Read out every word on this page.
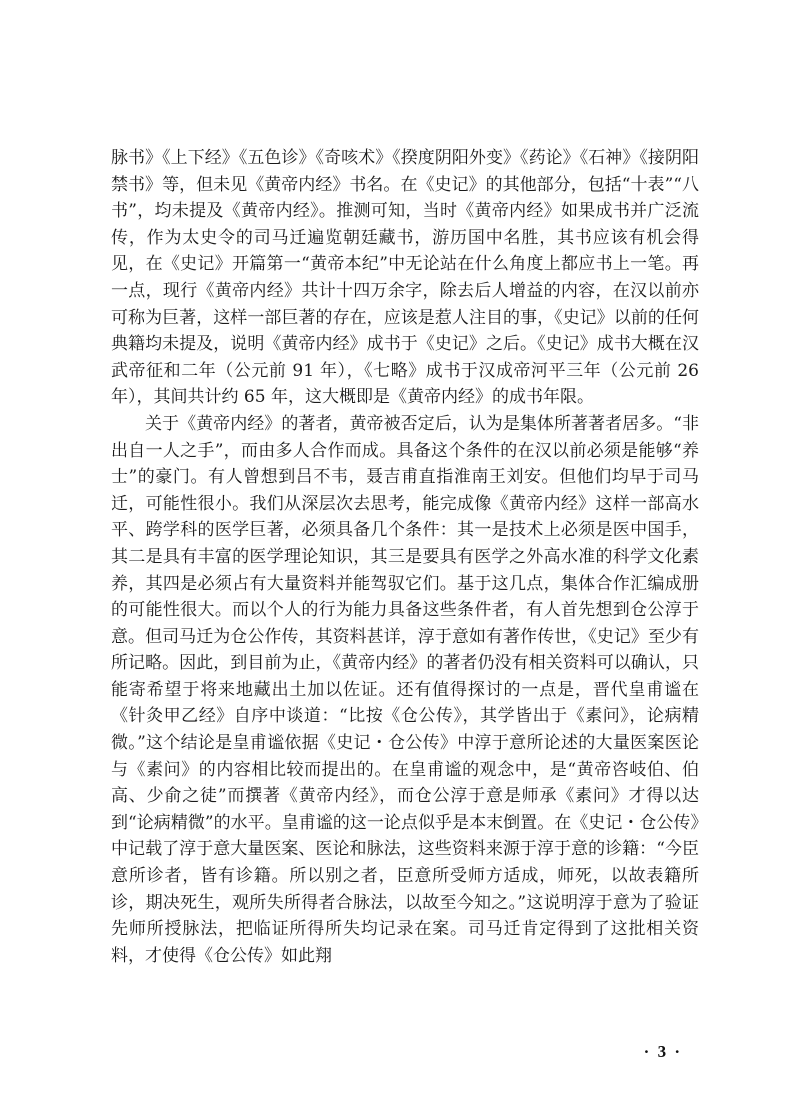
脉书》《上下经》《五色诊》《奇咳术》《揆度阴阳外变》《药论》《石神》《接阴阳禁书》等，但未见《黄帝内经》书名。在《史记》的其他部分，包括“十表”“八书”，均未提及《黄帝内经》。推测可知，当时《黄帝内经》如果成书并广泛流传，作为太史令的司马迁遍览朝廷藏书，游历国中名胜，其书应该有机会得见，在《史记》开篇第一“黄帝本纪”中无论站在什么角度上都应书上一笔。再一点，现行《黄帝内经》共计十四万余字，除去后人增益的内容，在汉以前亦可称为巨著，这样一部巨著的存在，应该是惹人注目的事，《史记》以前的任何典籍均未提及，说明《黄帝内经》成书于《史记》之后。《史记》成书大概在汉武帝征和二年（公元前 91 年），《七略》成书于汉成帝河平三年（公元前 26 年），其间共计约 65 年，这大概即是《黄帝内经》的成书年限。

关于《黄帝内经》的著者，黄帝被否定后，认为是集体所著著者居多。“非出自一人之手”，而由多人合作而成。具备这个条件的在汉以前必须是能够“养士”的豪门。有人曾想到吕不韦，聂吉甫直指淮南王刘安。但他们均早于司马迁，可能性很小。我们从深层次去思考，能完成像《黄帝内经》这样一部高水平、跨学科的医学巨著，必须具备几个条件：其一是技术上必须是医中国手，其二是具有丰富的医学理论知识，其三是要具有医学之外高水准的科学文化素养，其四是必须占有大量资料并能驾驭它们。基于这几点，集体合作汇编成册的可能性很大。而以个人的行为能力具备这些条件者，有人首先想到仓公淳于意。但司马迁为仓公作传，其资料甚详，淳于意如有著作传世，《史记》至少有所记略。因此，到目前为止，《黄帝内经》的著者仍没有相关资料可以确认，只能寄希望于将来地藏出土加以佐证。还有值得探讨的一点是，晋代皇甫谧在《针灸甲乙经》自序中谈道：“比按《仓公传》，其学皆出于《素问》，论病精微。”这个结论是皇甫谧依据《史记・仓公传》中淳于意所论述的大量医案医论与《素问》的内容相比较而提出的。在皇甫谧的观念中，是“黄帝咨岐伯、伯高、少俞之徒”而撰著《黄帝内经》，而仓公淳于意是师承《素问》才得以达到“论病精微”的水平。皇甫谧的这一论点似乎是本末倒置。在《史记・仓公传》中记载了淳于意大量医案、医论和脉法，这些资料来源于淳于意的诊籍：“今臣意所诊者，皆有诊籍。所以别之者，臣意所受师方适成，师死，以故表籍所诊，期决死生，观所失所得者合脉法，以故至今知之。”这说明淳于意为了验证先师所授脉法，把临证所得所失均记录在案。司马迁肯定得到了这批相关资料，才使得《仓公传》如此翔

· 3 ·
